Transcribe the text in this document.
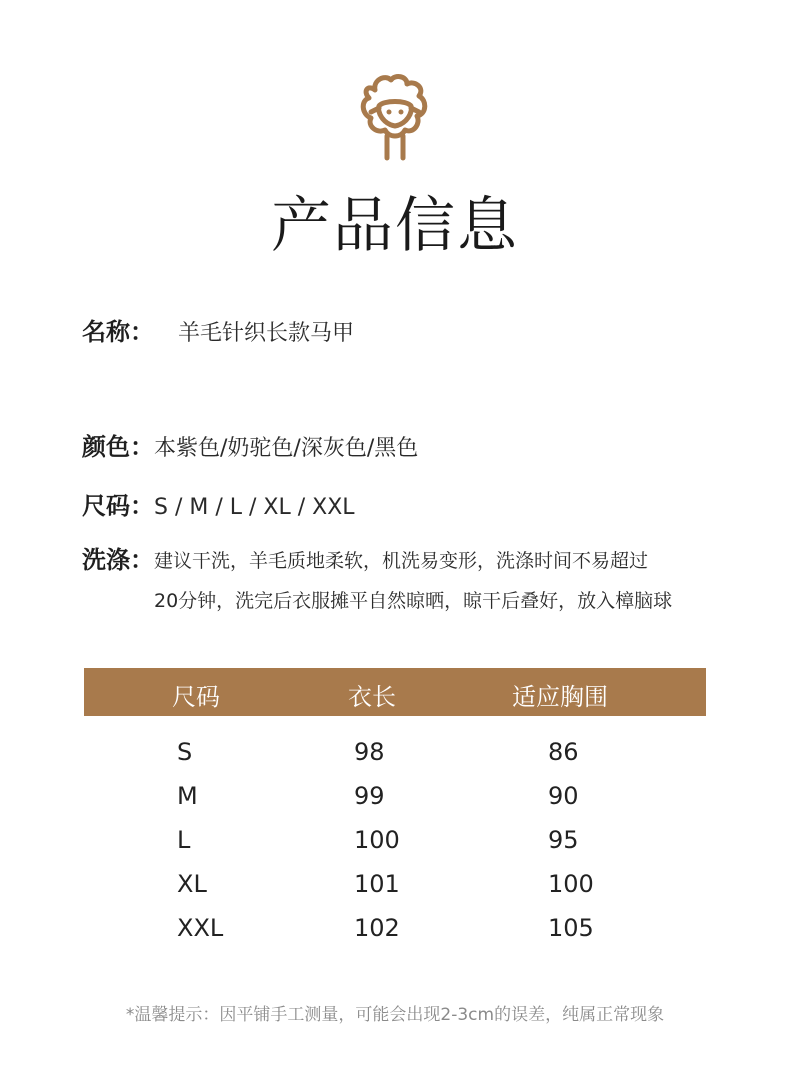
产品信息
名称： 羊毛针织长款马甲
颜色： 本紫色/奶驼色/深灰色/黑色
尺码： S / M / L / XL / XXL
洗涤： 建议干洗，羊毛质地柔软，机洗易变形，洗涤时间不易超过
20分钟，洗完后衣服摊平自然晾晒，晾干后叠好，放入樟脑球
尺码	衣长	适应胸围
S	98	86
M	99	90
L	100	95
XL	101	100
XXL	102	105
*温馨提示：因平铺手工测量，可能会出现2-3cm的误差，纯属正常现象
